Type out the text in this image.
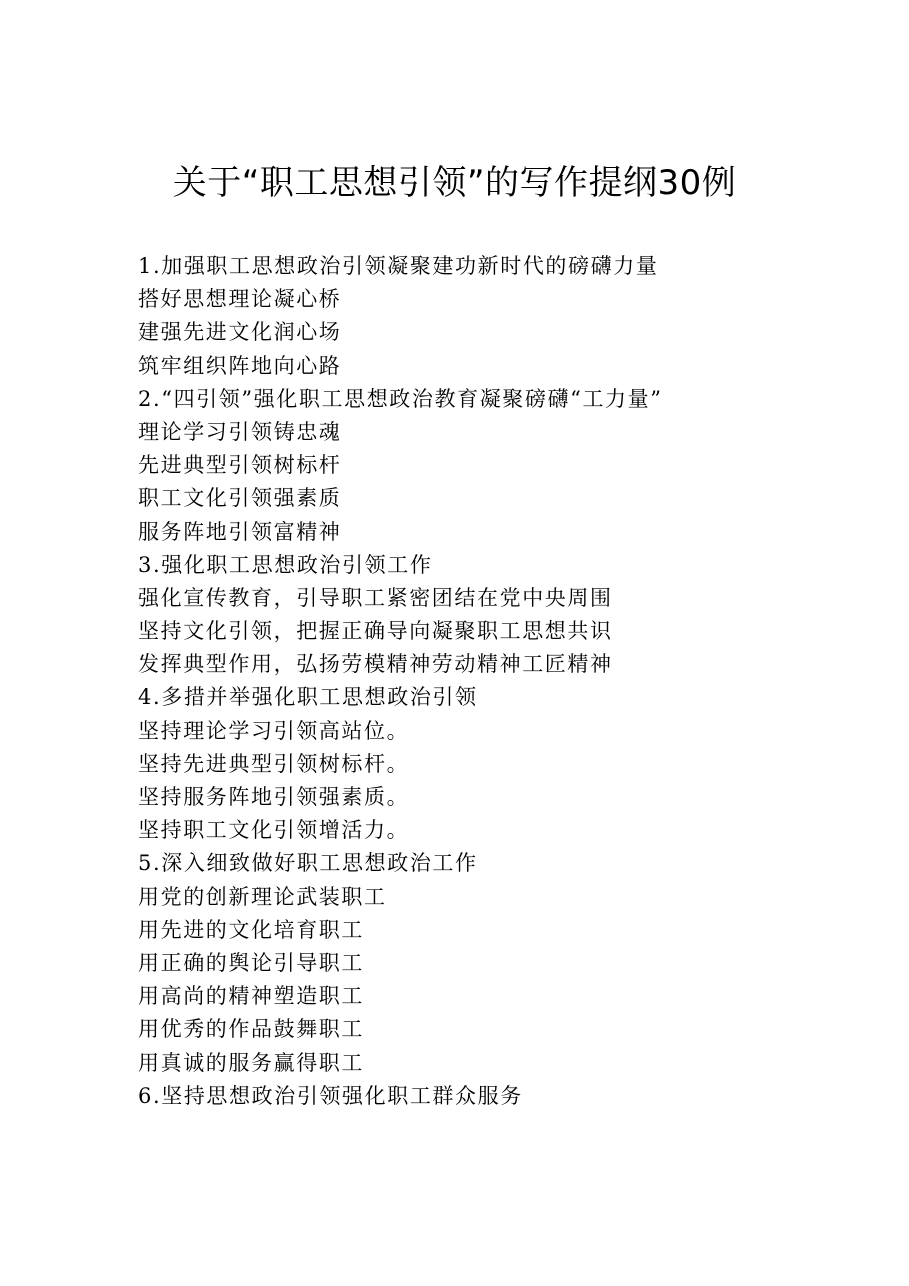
关于“职工思想引领”的写作提纲30例
1.加强职工思想政治引领凝聚建功新时代的磅礴力量
搭好思想理论凝心桥
建强先进文化润心场
筑牢组织阵地向心路
2.“四引领”强化职工思想政治教育凝聚磅礴“工力量”
理论学习引领铸忠魂
先进典型引领树标杆
职工文化引领强素质
服务阵地引领富精神
3.强化职工思想政治引领工作
强化宣传教育，引导职工紧密团结在党中央周围
坚持文化引领，把握正确导向凝聚职工思想共识
发挥典型作用，弘扬劳模精神劳动精神工匠精神
4.多措并举强化职工思想政治引领
坚持理论学习引领高站位。
坚持先进典型引领树标杆。
坚持服务阵地引领强素质。
坚持职工文化引领增活力。
5.深入细致做好职工思想政治工作
用党的创新理论武装职工
用先进的文化培育职工
用正确的舆论引导职工
用高尚的精神塑造职工
用优秀的作品鼓舞职工
用真诚的服务赢得职工
6.坚持思想政治引领强化职工群众服务
